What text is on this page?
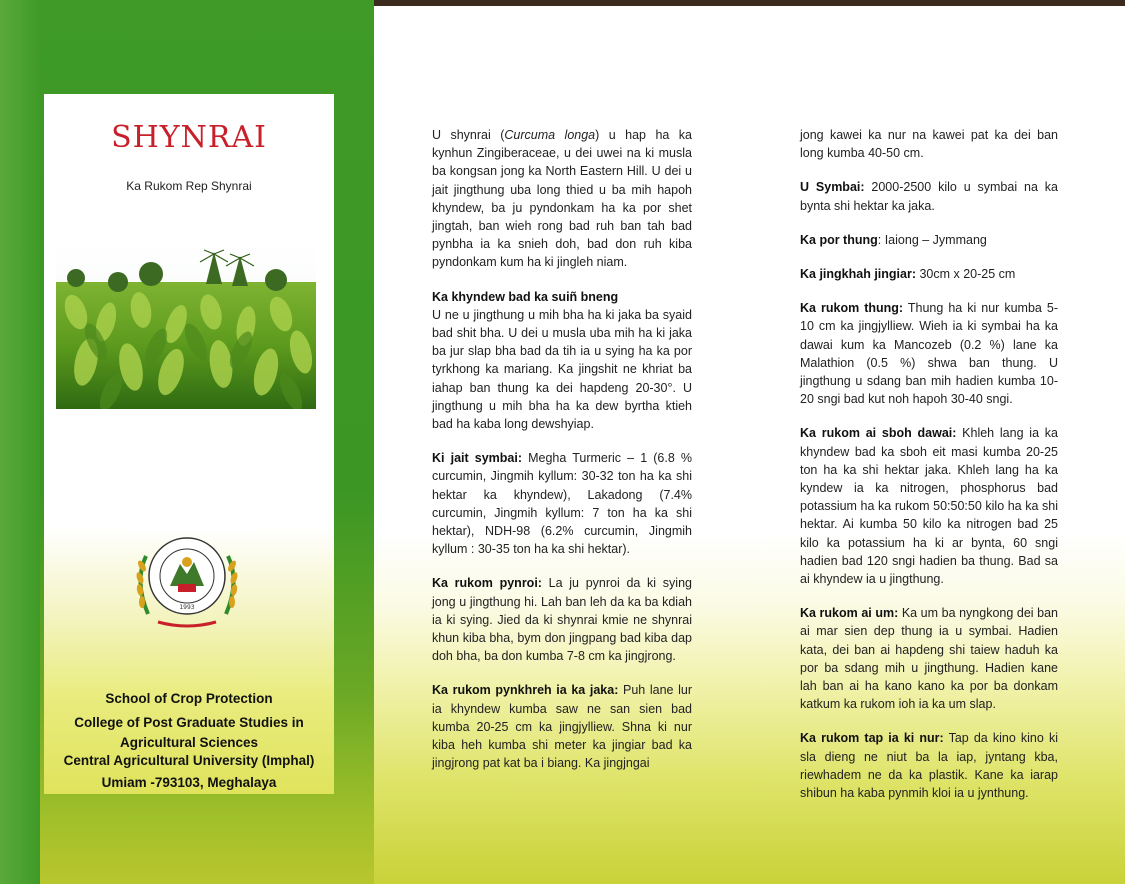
SHYNRAI
Ka Rukom Rep Shynrai
1993
School of Crop Protection
College of Post Graduate Studies in
Agricultural Sciences
Central Agricultural University (Imphal)
Umiam -793103, Meghalaya

U shynrai (Curcuma longa) u hap ha ka kynhun Zingiberaceae, u dei uwei na ki musla ba kongsan jong ka North Eastern Hill. U dei u jait jingthung uba long thied u ba mih hapoh khyndew, ba ju pyndonkam ha ka por shet jingtah, ban wieh rong bad ruh ban tah bad pynbha ia ka snieh doh, bad don ruh kiba pyndonkam kum ha ki jingleh niam.

Ka khyndew bad ka suiñ bneng
U ne u jingthung u mih bha ha ki jaka ba syaid bad shit bha. U dei u musla uba mih ha ki jaka ba jur slap bha bad da tih ia u sying ha ka por tyrkhong ka mariang. Ka jingshit ne khriat ba iahap ban thung ka dei hapdeng 20-30°. U jingthung u mih bha ha ka dew byrtha ktieh bad ha kaba long dewshyiap.

Ki jait symbai: Megha Turmeric – 1 (6.8 % curcumin, Jingmih kyllum: 30-32 ton ha ka shi hektar ka khyndew), Lakadong (7.4% curcumin, Jingmih kyllum: 7 ton ha ka shi hektar), NDH-98 (6.2% curcumin, Jingmih kyllum : 30-35 ton ha ka shi hektar).

Ka rukom pynroi: La ju pynroi da ki sying jong u jingthung hi. Lah ban leh da ka ba kdiah ia ki sying. Jied da ki shynrai kmie ne shynrai khun kiba bha, bym don jingpang bad kiba dap doh bha, ba don kumba 7-8 cm ka jingjrong.

Ka rukom pynkhreh ia ka jaka: Puh lane lur ia khyndew kumba saw ne san sien bad kumba 20-25 cm ka jingjylliew. Shna ki nur kiba heh kumba shi meter ka jingiar bad ka jingjrong pat kat ba i biang. Ka jingjngai

jong kawei ka nur na kawei pat ka dei ban long kumba 40-50 cm.

U Symbai: 2000-2500 kilo u symbai na ka bynta shi hektar ka jaka.

Ka por thung: Iaiong – Jymmang

Ka jingkhah jingiar: 30cm x 20-25 cm

Ka rukom thung: Thung ha ki nur kumba 5-10 cm ka jingjylliew. Wieh ia ki symbai ha ka dawai kum ka Mancozeb (0.2 %) lane ka Malathion (0.5 %) shwa ban thung. U jingthung u sdang ban mih hadien kumba 10-20 sngi bad kut noh hapoh 30-40 sngi.

Ka rukom ai sboh dawai: Khleh lang ia ka khyndew bad ka sboh eit masi kumba 20-25 ton ha ka shi hektar jaka. Khleh lang ha ka kyndew ia ka nitrogen, phosphorus bad potassium ha ka rukom 50:50:50 kilo ha ka shi hektar. Ai kumba 50 kilo ka nitrogen bad 25 kilo ka potassium ha ki ar bynta, 60 sngi hadien bad 120 sngi hadien ba thung. Bad sa ai khyndew ia u jingthung.

Ka rukom ai um: Ka um ba nyngkong dei ban ai mar sien dep thung ia u symbai. Hadien kata, dei ban ai hapdeng shi taiew haduh ka por ba sdang mih u jingthung. Hadien kane lah ban ai ha kano kano ka por ba donkam katkum ka rukom ioh ia ka um slap.

Ka rukom tap ia ki nur: Tap da kino kino ki sla dieng ne niut ba la iap, jyntang kba, riewhadem ne da ka plastik. Kane ka iarap shibun ha kaba pynmih kloi ia u jynthung.
